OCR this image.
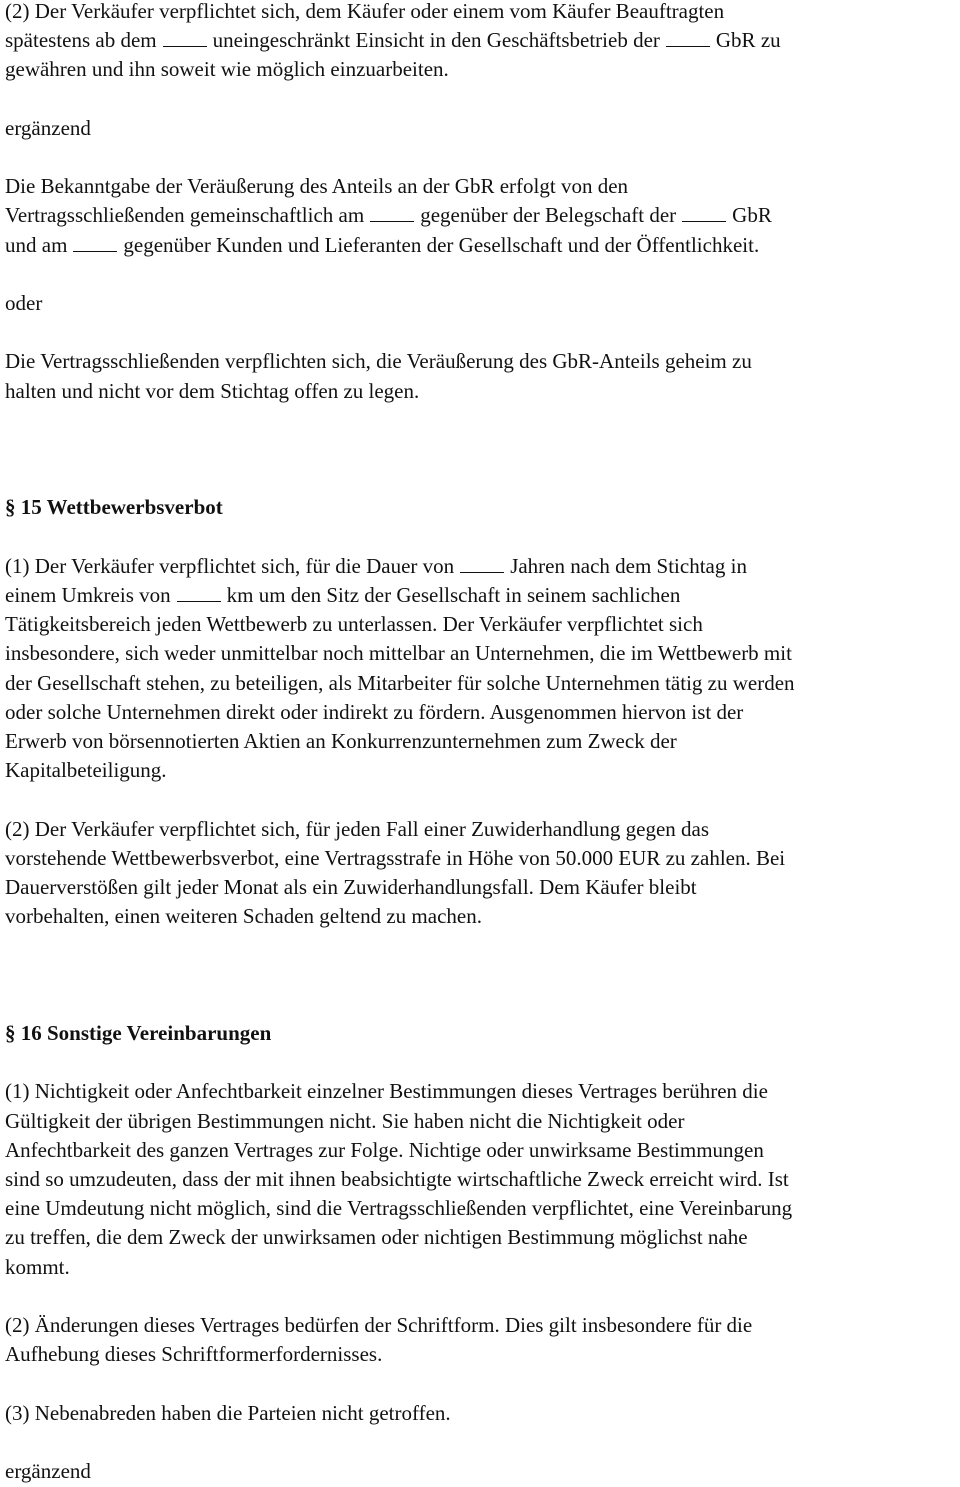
(2) Der Verkäufer verpflichtet sich, dem Käufer oder einem vom Käufer Beauftragten
spätestens ab dem	uneingeschränkt Einsicht in den Geschäftsbetrieb der	GbR zu
gewähren und ihn soweit wie möglich einzuarbeiten.
ergänzend
Die Bekanntgabe der Veräußerung des Anteils an der GbR erfolgt von den
Vertragsschließenden gemeinschaftlich am	gegenüber der Belegschaft der	GbR
und am	gegenüber Kunden und Lieferanten der Gesellschaft und der Öffentlichkeit.
oder
Die Vertragsschließenden verpflichten sich, die Veräußerung des GbR-Anteils geheim zu
halten und nicht vor dem Stichtag offen zu legen.
§ 15 Wettbewerbsverbot
(1) Der Verkäufer verpflichtet sich, für die Dauer von	Jahren nach dem Stichtag in
einem Umkreis von	km um den Sitz der Gesellschaft in seinem sachlichen
Tätigkeitsbereich jeden Wettbewerb zu unterlassen. Der Verkäufer verpflichtet sich
insbesondere, sich weder unmittelbar noch mittelbar an Unternehmen, die im Wettbewerb mit
der Gesellschaft stehen, zu beteiligen, als Mitarbeiter für solche Unternehmen tätig zu werden
oder solche Unternehmen direkt oder indirekt zu fördern. Ausgenommen hiervon ist der
Erwerb von börsennotierten Aktien an Konkurrenzunternehmen zum Zweck der
Kapitalbeteiligung.
(2) Der Verkäufer verpflichtet sich, für jeden Fall einer Zuwiderhandlung gegen das
vorstehende Wettbewerbsverbot, eine Vertragsstrafe in Höhe von 50.000 EUR zu zahlen. Bei
Dauerverstößen gilt jeder Monat als ein Zuwiderhandlungsfall. Dem Käufer bleibt
vorbehalten, einen weiteren Schaden geltend zu machen.
§ 16 Sonstige Vereinbarungen
(1) Nichtigkeit oder Anfechtbarkeit einzelner Bestimmungen dieses Vertrages berühren die
Gültigkeit der übrigen Bestimmungen nicht. Sie haben nicht die Nichtigkeit oder
Anfechtbarkeit des ganzen Vertrages zur Folge. Nichtige oder unwirksame Bestimmungen
sind so umzudeuten, dass der mit ihnen beabsichtigte wirtschaftliche Zweck erreicht wird. Ist
eine Umdeutung nicht möglich, sind die Vertragsschließenden verpflichtet, eine Vereinbarung
zu treffen, die dem Zweck der unwirksamen oder nichtigen Bestimmung möglichst nahe
kommt.
(2) Änderungen dieses Vertrages bedürfen der Schriftform. Dies gilt insbesondere für die
Aufhebung dieses Schriftformerfordernisses.
(3) Nebenabreden haben die Parteien nicht getroffen.
ergänzend
